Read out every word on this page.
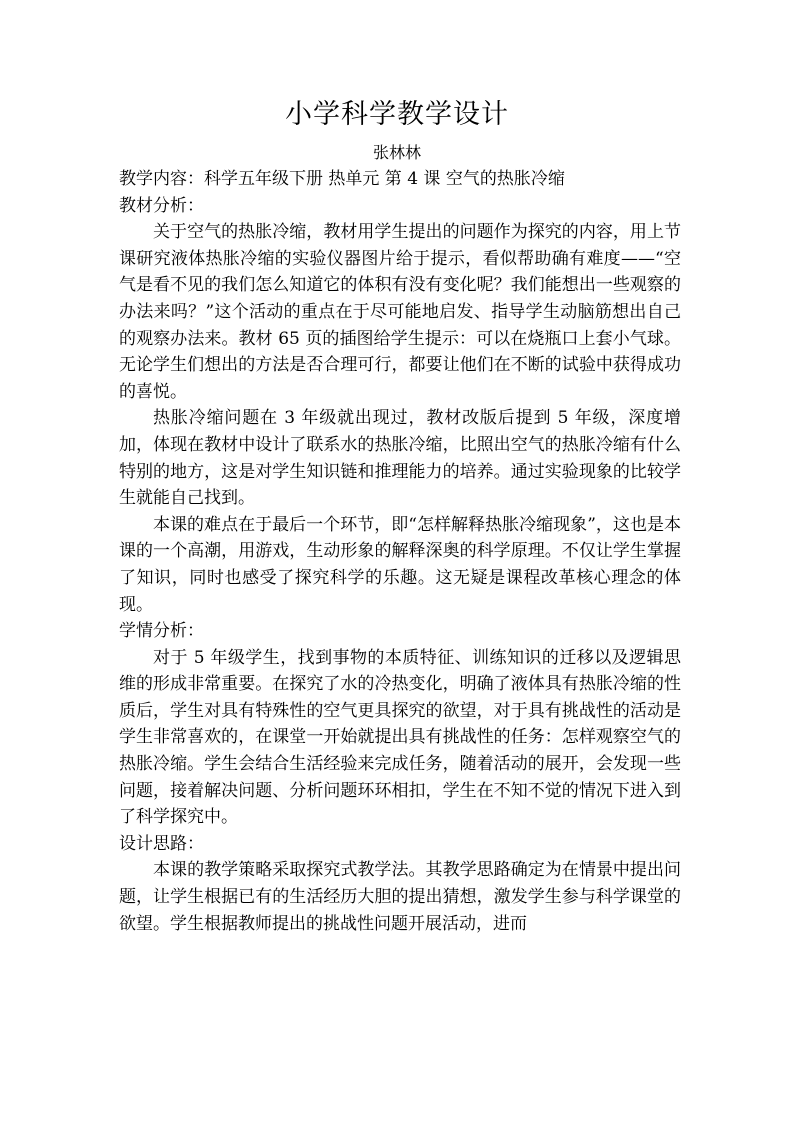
小学科学教学设计
张林林

教学内容：科学五年级下册 热单元 第 4 课 空气的热胀冷缩

教材分析：

关于空气的热胀冷缩，教材用学生提出的问题作为探究的内容，用上节课研究液体热胀冷缩的实验仪器图片给于提示，看似帮助确有难度——“空气是看不见的我们怎么知道它的体积有没有变化呢？我们能想出一些观察的办法来吗？”这个活动的重点在于尽可能地启发、指导学生动脑筋想出自己的观察办法来。教材 65 页的插图给学生提示：可以在烧瓶口上套小气球。无论学生们想出的方法是否合理可行，都要让他们在不断的试验中获得成功的喜悦。

热胀冷缩问题在 3 年级就出现过，教材改版后提到 5 年级，深度增加，体现在教材中设计了联系水的热胀冷缩，比照出空气的热胀冷缩有什么特别的地方，这是对学生知识链和推理能力的培养。通过实验现象的比较学生就能自己找到。

本课的难点在于最后一个环节，即“怎样解释热胀冷缩现象”，这也是本课的一个高潮，用游戏，生动形象的解释深奥的科学原理。不仅让学生掌握了知识，同时也感受了探究科学的乐趣。这无疑是课程改革核心理念的体现。

学情分析：

对于 5 年级学生，找到事物的本质特征、训练知识的迁移以及逻辑思维的形成非常重要。在探究了水的冷热变化，明确了液体具有热胀冷缩的性质后，学生对具有特殊性的空气更具探究的欲望，对于具有挑战性的活动是学生非常喜欢的，在课堂一开始就提出具有挑战性的任务：怎样观察空气的热胀冷缩。学生会结合生活经验来完成任务，随着活动的展开，会发现一些问题，接着解决问题、分析问题环环相扣，学生在不知不觉的情况下进入到了科学探究中。

设计思路：

本课的教学策略采取探究式教学法。其教学思路确定为在情景中提出问题，让学生根据已有的生活经历大胆的提出猜想，激发学生参与科学课堂的欲望。学生根据教师提出的挑战性问题开展活动，进而
